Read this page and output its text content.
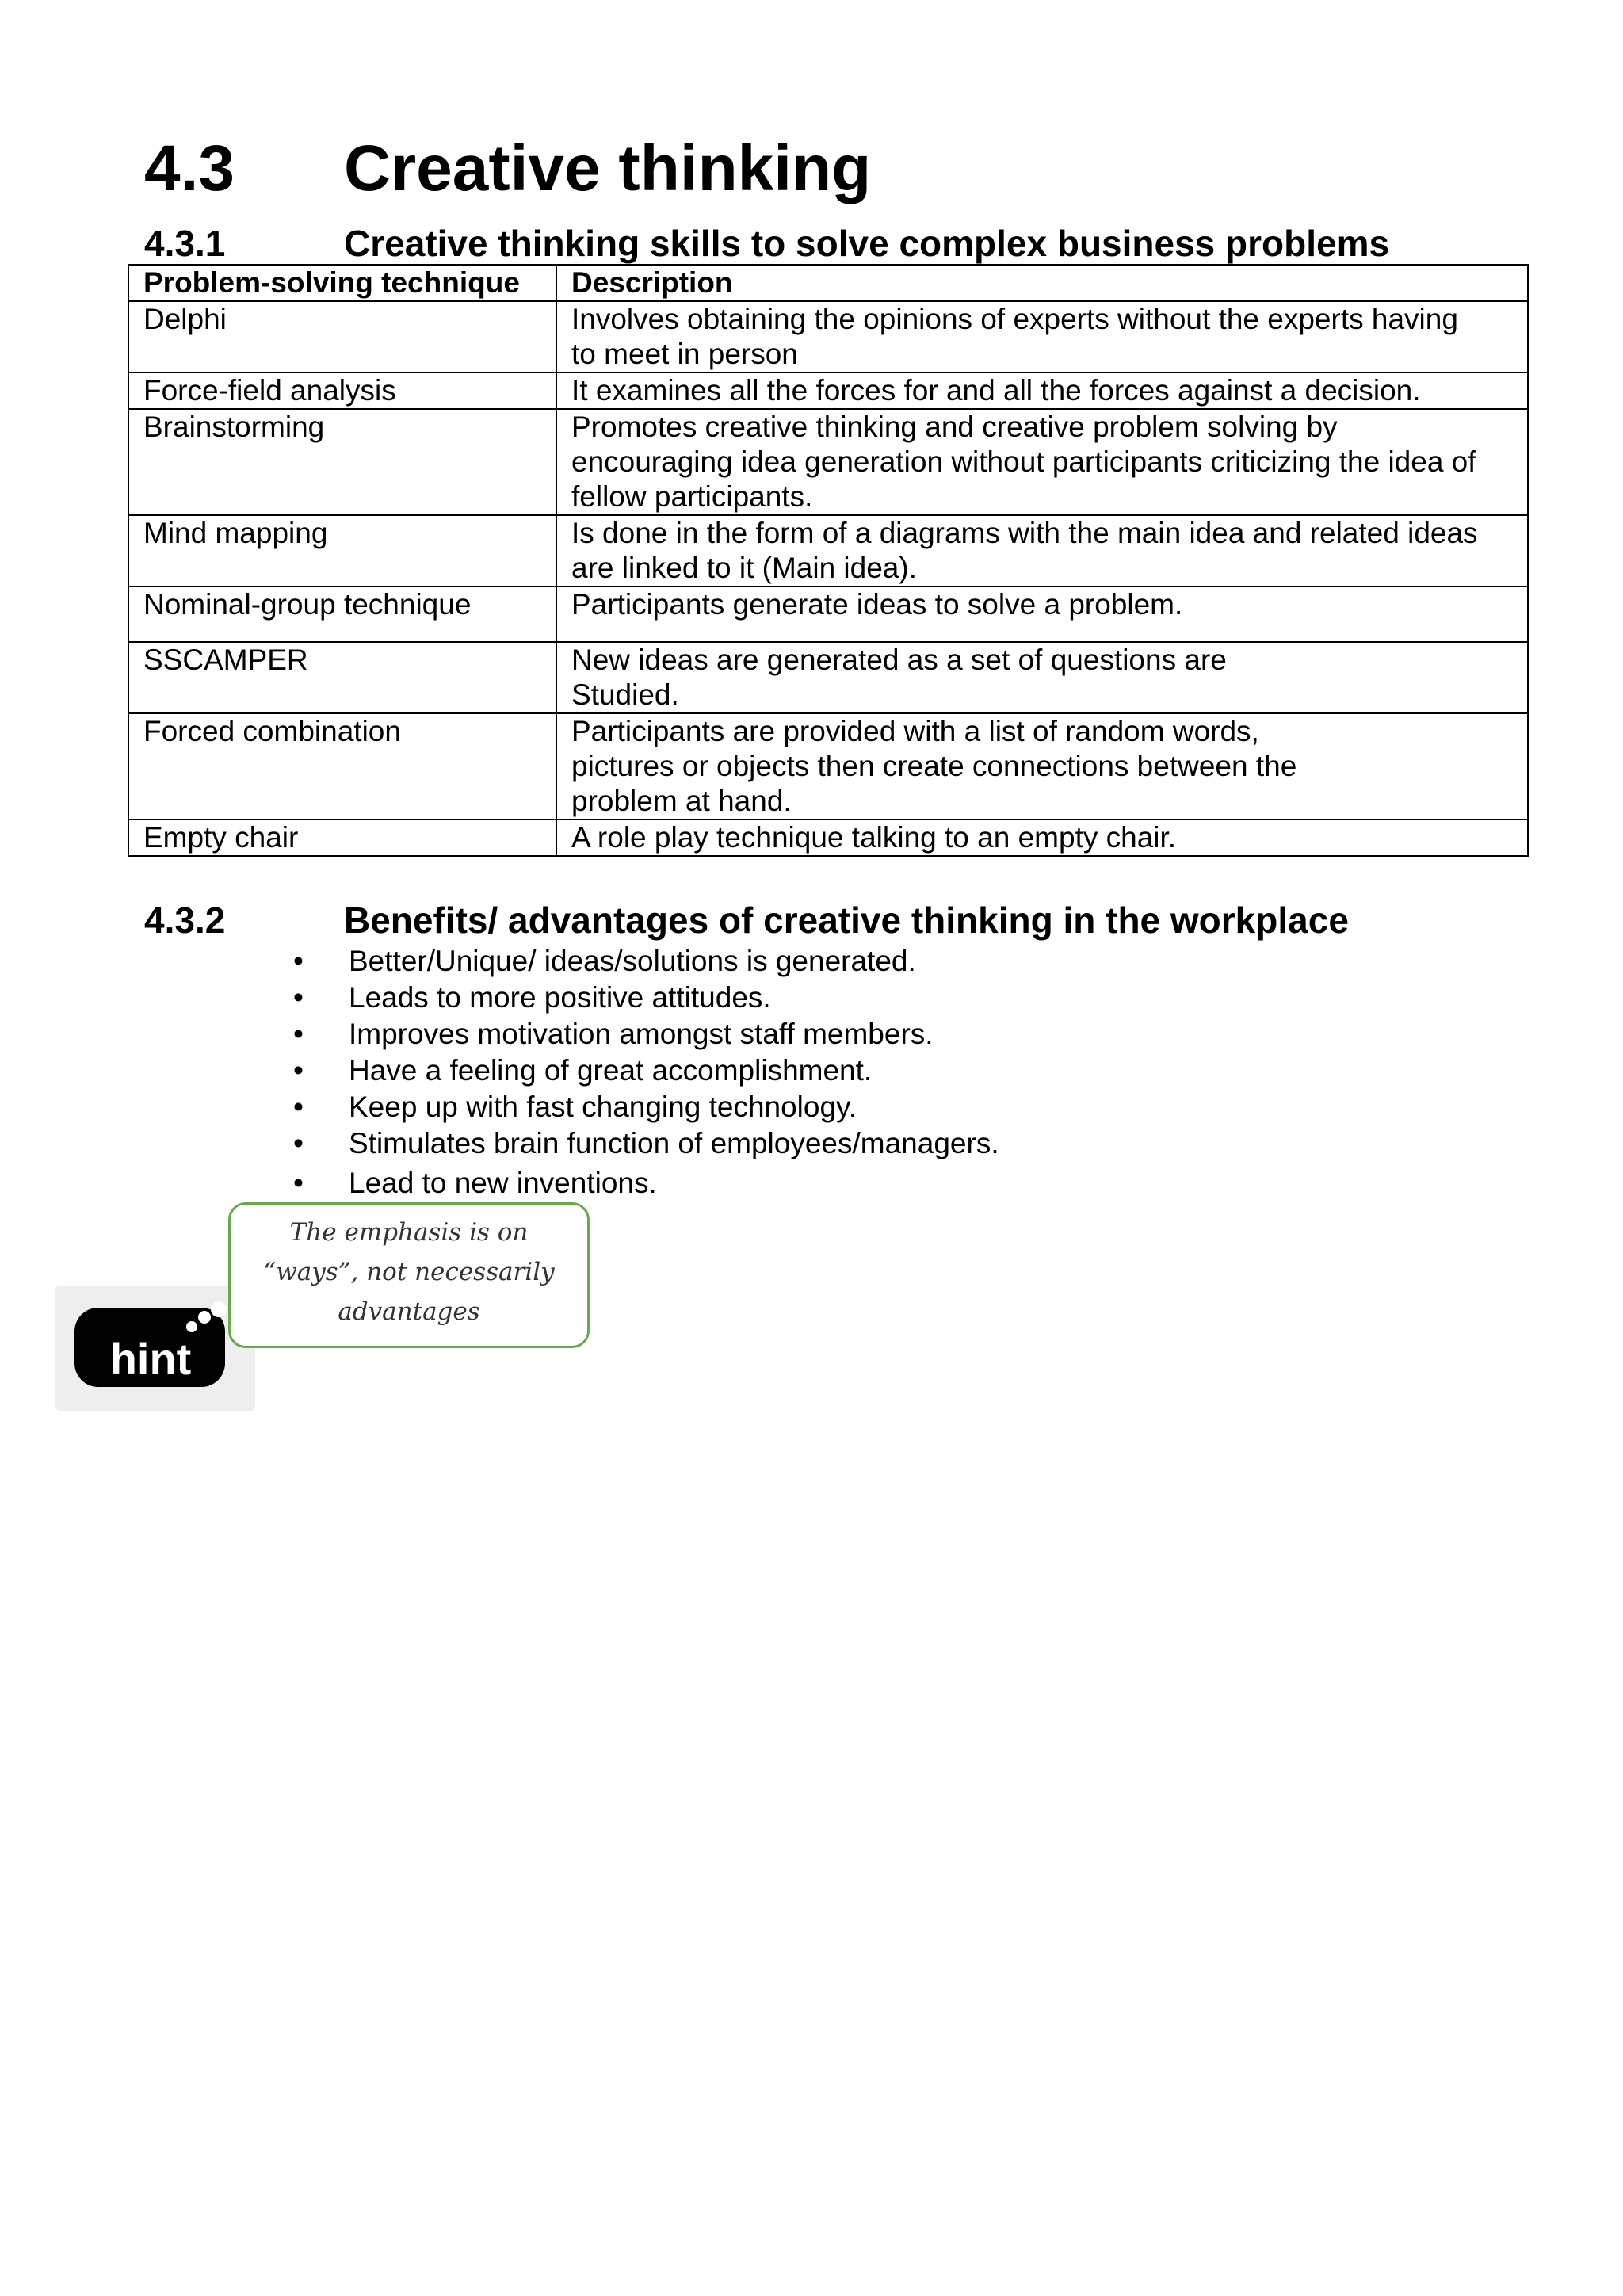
4.3 Creative thinking
4.3.1	Creative thinking skills to solve complex business problems
Problem-solving technique	Description
Delphi	Involves obtaining the opinions of experts without the experts having
to meet in person
Force-field analysis	It examines all the forces for and all the forces against a decision.
Brainstorming	Promotes creative thinking and creative problem solving by
encouraging idea generation without participants criticizing the idea of
fellow participants.
Mind mapping	Is done in the form of a diagrams with the main idea and related ideas
are linked to it (Main idea).
Nominal-group technique	Participants generate ideas to solve a problem.
SSCAMPER	New ideas are generated as a set of questions are
Studied.
Forced combination	Participants are provided with a list of random words,
pictures or objects then create connections between the
problem at hand.
Empty chair	A role play technique talking to an empty chair.
4.3.2	Benefits/ advantages of creative thinking in the workplace
• Better/Unique/ ideas/solutions is generated.
• Leads to more positive attitudes.
• Improves motivation amongst staff members.
• Have a feeling of great accomplishment.
• Keep up with fast changing technology.
• Stimulates brain function of employees/managers.
• Lead to new inventions.
hint
The emphasis is on
“ways”, not necessarily
advantages
